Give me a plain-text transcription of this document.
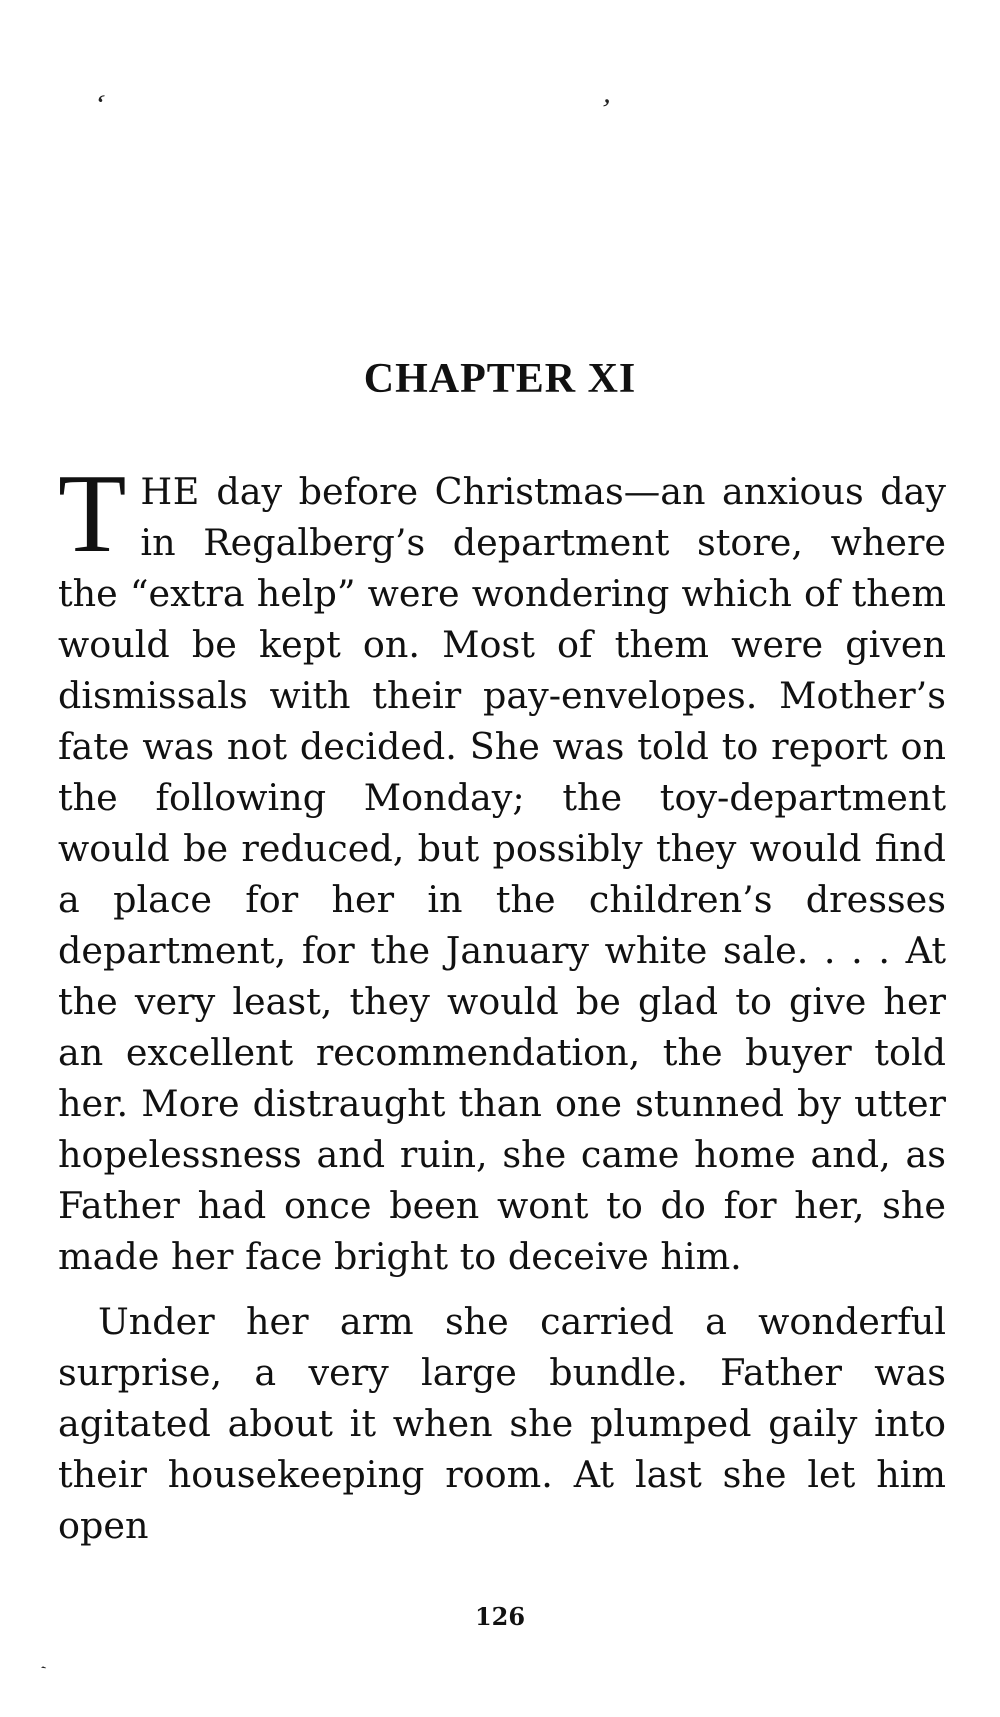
ʻ	ʼ
CHAPTER XI

THE day before Christmas—an anxious day in Regalberg’s department store, where the “extra help” were wondering which of them would be kept on. Most of them were given dismissals with their pay-envelopes. Mother’s fate was not decided. She was told to report on the following Monday; the toy-department would be reduced, but possibly they would find a place for her in the children’s dresses department, for the January white sale. . . . At the very least, they would be glad to give her an excellent recommendation, the buyer told her. More distraught than one stunned by utter hopelessness and ruin, she came home and, as Father had once been wont to do for her, she made her face bright to deceive him.

Under her arm she carried a wonderful surprise, a very large bundle. Father was agitated about it when she plumped gaily into their housekeeping room. At last she let him open

126
ˏ
